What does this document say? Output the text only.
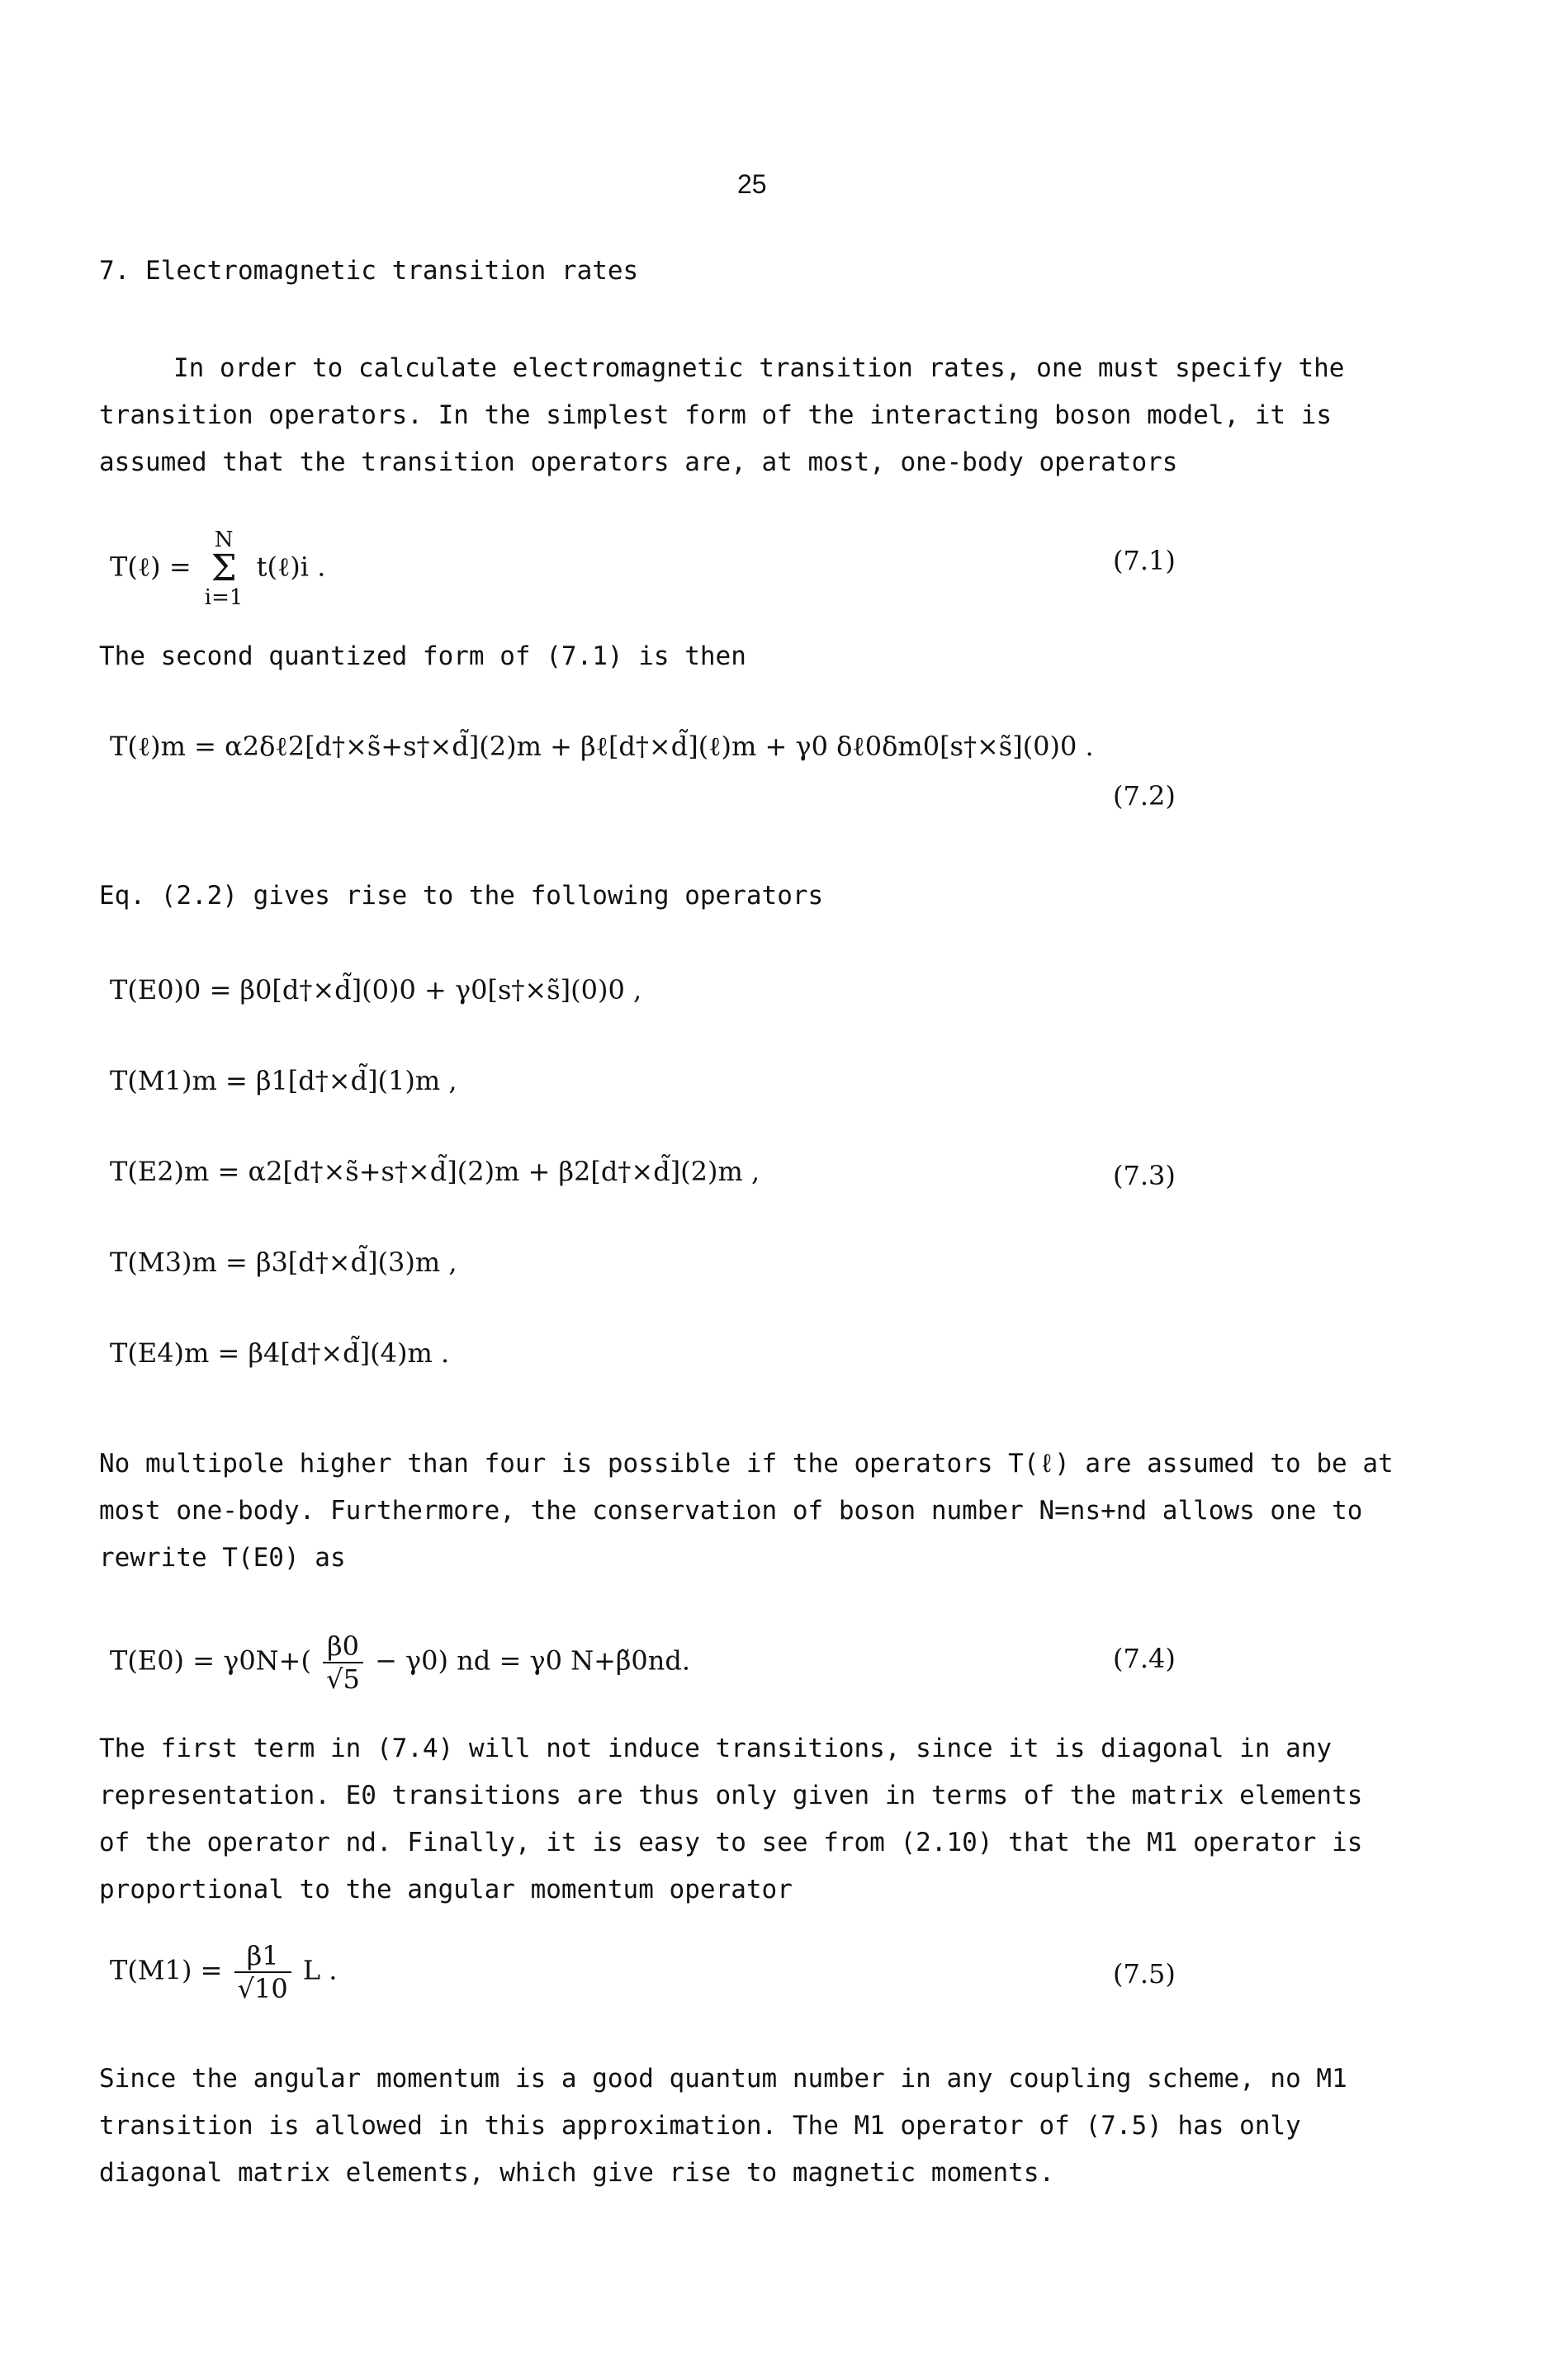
25
7. Electromagnetic transition rates
In order to calculate electromagnetic transition rates, one must specify the transition operators. In the simplest form of the interacting boson model, it is assumed that the transition operators are, at most, one-body operators
T(ℓ) = N
Σ
i=1 t(ℓ)i .	(7.1)
The second quantized form of (7.1) is then
T(ℓ)m = α2δℓ2[d†×s̃+s†×d̃](2)m + βℓ[d†×d̃](ℓ)m + γ0 δℓ0δm0[s†×s̃](0)0 .
(7.2)
Eq. (2.2) gives rise to the following operators
T(E0)0 = β0[d†×d̃](0)0 + γ0[s†×s̃](0)0 ,
T(M1)m = β1[d†×d̃](1)m ,
T(E2)m = α2[d†×s̃+s†×d̃](2)m + β2[d†×d̃](2)m ,
T(M3)m = β3[d†×d̃](3)m ,
T(E4)m = β4[d†×d̃](4)m .
(7.3)
No multipole higher than four is possible if the operators T(ℓ) are assumed to be at most one-body. Furthermore, the conservation of boson number N=ns+nd allows one to rewrite T(E0) as
$T(E0) = \gamma 0N+( \frac{\beta 0}{√5} - \gamma 0)$ nd = γ0 N+β̃0nd.	(7.4)
The first term in (7.4) will not induce transitions, since it is diagonal in any representation. E0 transitions are thus only given in terms of the matrix elements of the operator nd. Finally, it is easy to see from (2.10) that the M1 operator is proportional to the angular momentum operator
$T(M1) = \frac{\beta 1}{√10}$ L .	(7.5)
Since the angular momentum is a good quantum number in any coupling scheme, no M1 transition is allowed in this approximation. The M1 operator of (7.5) has only diagonal matrix elements, which give rise to magnetic moments.
